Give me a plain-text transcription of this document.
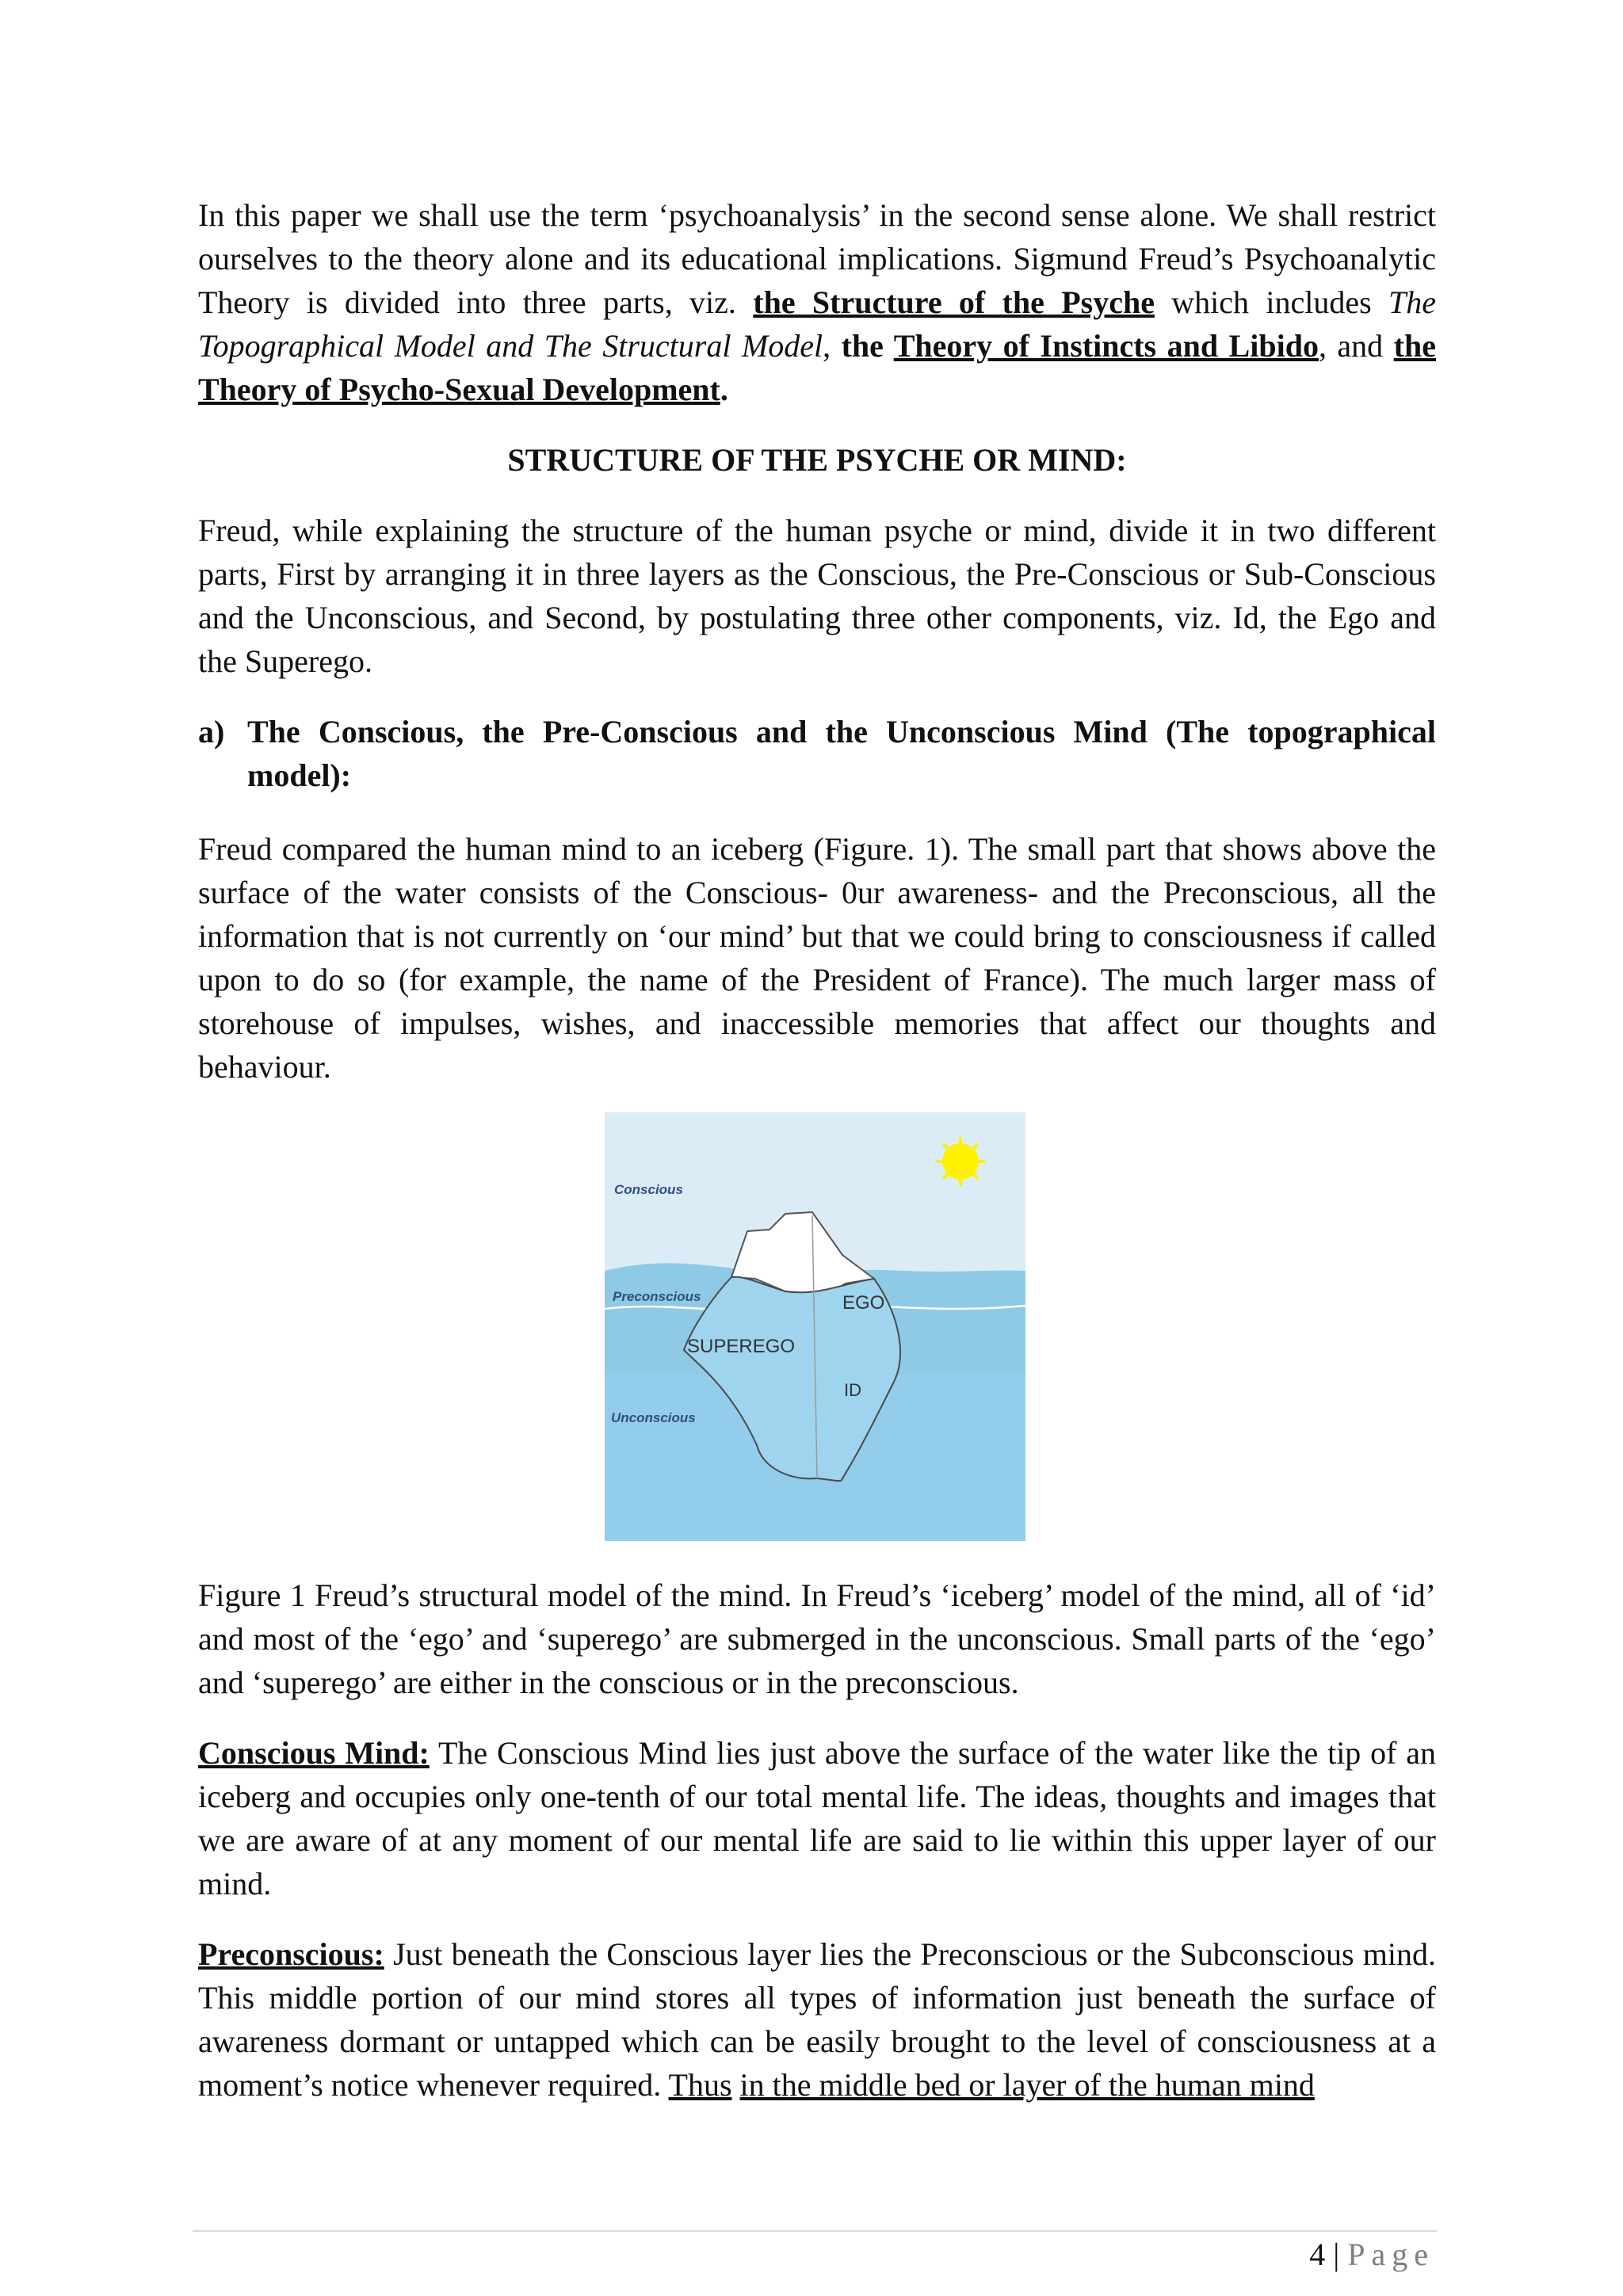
In this paper we shall use the term ‘psychoanalysis’ in the second sense alone. We shall restrict ourselves to the theory alone and its educational implications. Sigmund Freud’s Psychoanalytic Theory is divided into three parts, viz. the Structure of the Psyche which includes The Topographical Model and The Structural Model, the Theory of Instincts and Libido, and the Theory of Psycho-Sexual Development.

STRUCTURE OF THE PSYCHE OR MIND:

Freud, while explaining the structure of the human psyche or mind, divide it in two different parts, First by arranging it in three layers as the Conscious, the Pre-Conscious or Sub-Conscious and the Unconscious, and Second, by postulating three other components, viz. Id, the Ego and the Superego.

a) The Conscious, the Pre-Conscious and the Unconscious Mind (The topographical model):

Freud compared the human mind to an iceberg (Figure. 1). The small part that shows above the surface of the water consists of the Conscious- 0ur awareness- and the Preconscious, all the information that is not currently on ‘our mind’ but that we could bring to consciousness if called upon to do so (for example, the name of the President of France). The much larger mass of storehouse of impulses, wishes, and inaccessible memories that affect our thoughts and behaviour.

Conscious
Preconscious
Unconscious
EGO
SUPEREGO
ID

Figure 1 Freud’s structural model of the mind. In Freud’s ‘iceberg’ model of the mind, all of ‘id’ and most of the ‘ego’ and ‘superego’ are submerged in the unconscious. Small parts of the ‘ego’ and ‘superego’ are either in the conscious or in the preconscious.

Conscious Mind: The Conscious Mind lies just above the surface of the water like the tip of an iceberg and occupies only one-tenth of our total mental life. The ideas, thoughts and images that we are aware of at any moment of our mental life are said to lie within this upper layer of our mind.

Preconscious: Just beneath the Conscious layer lies the Preconscious or the Subconscious mind. This middle portion of our mind stores all types of information just beneath the surface of awareness dormant or untapped which can be easily brought to the level of consciousness at a moment’s notice whenever required. Thus in the middle bed or layer of the human mind

4 | Page
